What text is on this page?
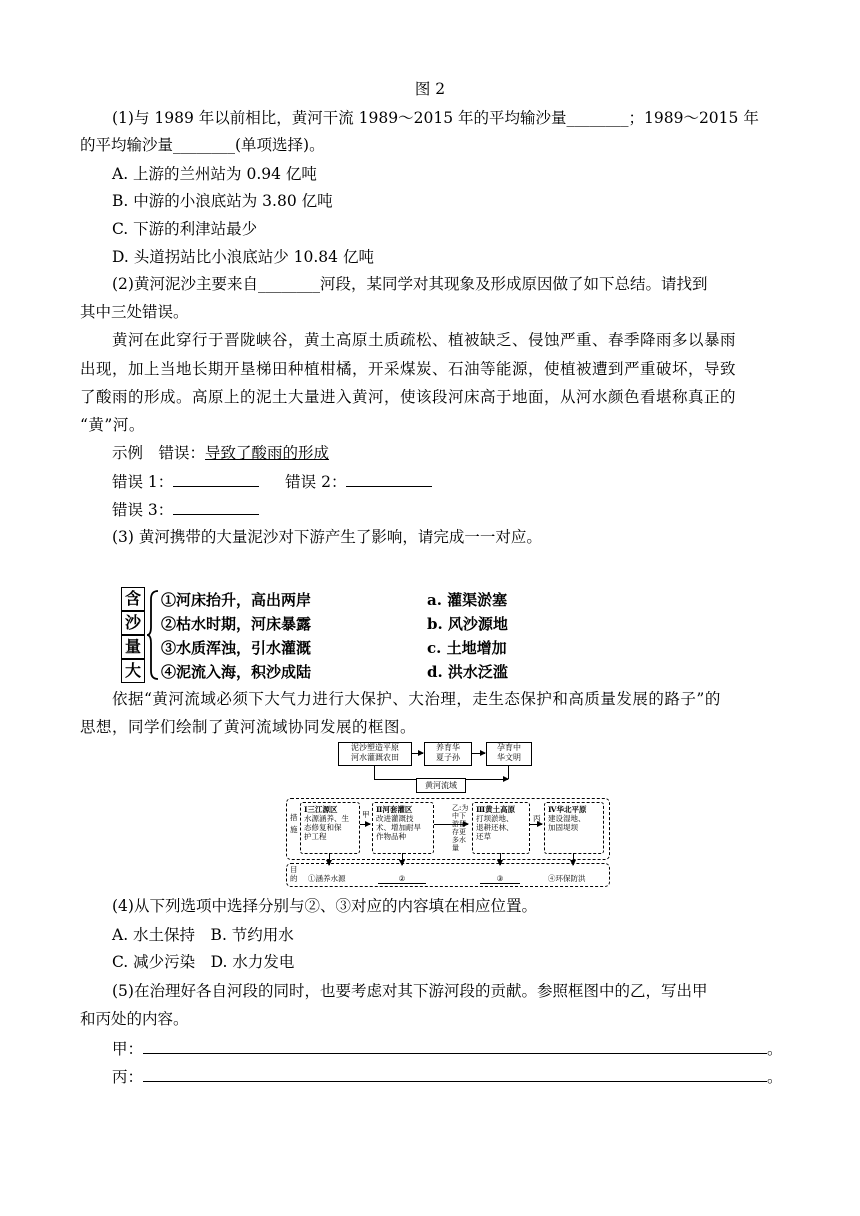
图 2
(1)与 1989 年以前相比，黄河干流 1989～2015 年的平均输沙量________；1989～2015 年
的平均输沙量________(单项选择)。
A. 上游的兰州站为 0.94 亿吨
B. 中游的小浪底站为 3.80 亿吨
C. 下游的利津站最少
D. 头道拐站比小浪底站少 10.84 亿吨
(2)黄河泥沙主要来自________河段，某同学对其现象及形成原因做了如下总结。请找到
其中三处错误。
黄河在此穿行于晋陇峡谷，黄土高原土质疏松、植被缺乏、侵蚀严重、春季降雨多以暴雨
出现，加上当地长期开垦梯田种植柑橘，开采煤炭、石油等能源，使植被遭到严重破坏，导致
了酸雨的形成。高原上的泥土大量进入黄河，使该段河床高于地面，从河水颜色看堪称真正的
“黄”河。
示例　错误：导致了酸雨的形成
错误 1：	错误 2：
错误 3：
(3) 黄河携带的大量泥沙对下游产生了影响，请完成一一对应。
含
沙
量
大
①河床抬升，高出两岸
②枯水时期，河床暴露
③水质浑浊，引水灌溉
④泥流入海，积沙成陆
a. 灌渠淤塞
b. 风沙源地
c. 土地增加
d. 洪水泛滥
依据“黄河流域必须下大气力进行大保护、大治理，走生态保护和高质量发展的路子”的
思想，同学们绘制了黄河流域协同发展的框图。
泥沙塑造平原
河水灌溉农田
养育华
夏子孙
孕育中
华文明
黄河流域
措
施
Ⅰ三江源区
水源涵养、生
态修复和保
护工程
甲
Ⅱ河套灌区
改进灌溉技
术、增加耐旱
作物品种
乙:为中下游留存更多水量
Ⅲ黄土高原
打坝淤地、
退耕还林、
还草
丙
Ⅳ华北平原
建设湿地、
加固堤坝
目
的 ①涵养水源	②	③	④环保防洪
(4)从下列选项中选择分别与②、③对应的内容填在相应位置。
A. 水土保持　B. 节约用水
C. 减少污染　D. 水力发电
(5)在治理好各自河段的同时，也要考虑对其下游河段的贡献。参照框图中的乙，写出甲
和丙处的内容。
甲：	。
丙：	。
